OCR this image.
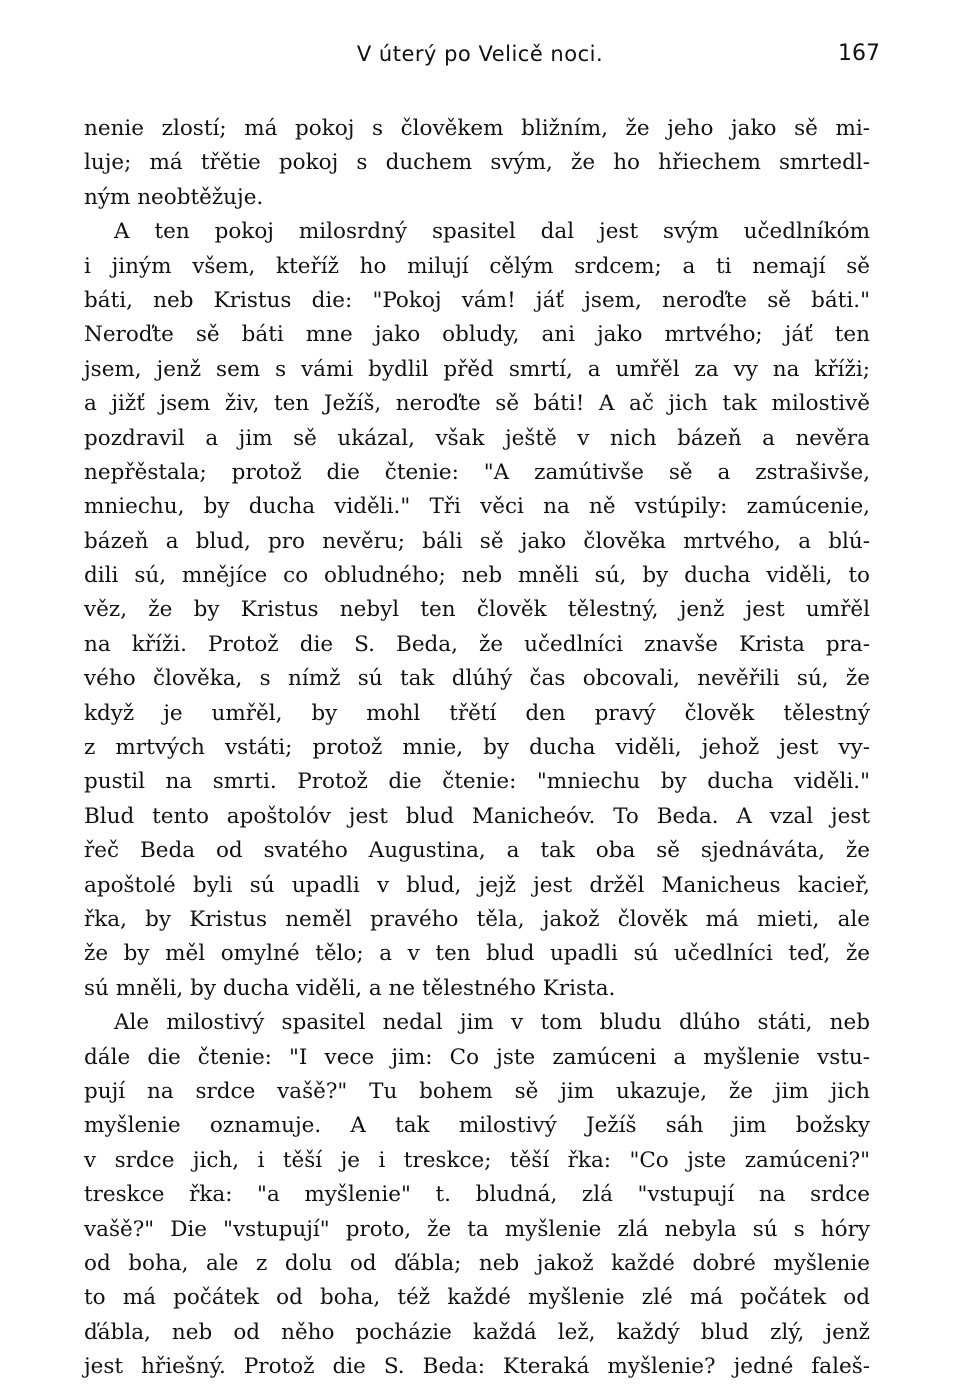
V úterý po Velicě noci.	167
nenie zlostí; má pokoj s člověkem bližním, že jeho jako sě mi-
luje; má třětie pokoj s duchem svým, že ho hřiechem smrtedl-
ným neobtěžuje.
A ten pokoj milosrdný spasitel dal jest svým učedlníkóm
i jiným všem, kteříž ho milují cělým srdcem; a ti nemají sě
báti, neb Kristus die: "Pokoj vám! jáť jsem, neroďte sě báti."
Neroďte sě báti mne jako obludy, ani jako mrtvého; jáť ten
jsem, jenž sem s vámi bydlil přěd smrtí, a umřěl za vy na kříži;
a jižť jsem živ, ten Ježíš, neroďte sě báti! A ač jich tak milostivě
pozdravil a jim sě ukázal, však ještě v nich bázeň a nevěra
nepřěstala; protož die čtenie: "A zamútivše sě a zstrašivše,
mniechu, by ducha viděli." Tři věci na ně vstúpily: zamúcenie,
bázeň a blud, pro nevěru; báli sě jako člověka mrtvého, a blú-
dili sú, mnějíce co obludného; neb mněli sú, by ducha viděli, to
věz, že by Kristus nebyl ten člověk tělestný, jenž jest umřěl
na kříži. Protož die S. Beda, že učedlníci znavše Krista pra-
vého člověka, s nímž sú tak dlúhý čas obcovali, nevěřili sú, že
když je umřěl, by mohl třětí den pravý člověk tělestný
z mrtvých vstáti; protož mnie, by ducha viděli, jehož jest vy-
pustil na smrti. Protož die čtenie: "mniechu by ducha viděli."
Blud tento apoštolóv jest blud Manicheóv. To Beda. A vzal jest
řeč Beda od svatého Augustina, a tak oba sě sjednáváta, že
apoštolé byli sú upadli v blud, jejž jest držěl Manicheus kacieř,
řka, by Kristus neměl pravého těla, jakož člověk má mieti, ale
že by měl omylné tělo; a v ten blud upadli sú učedlníci teď, že
sú mněli, by ducha viděli, a ne tělestného Krista.
Ale milostivý spasitel nedal jim v tom bludu dlúho státi, neb
dále die čtenie: "I vece jim: Co jste zamúceni a myšlenie vstu-
pují na srdce vašě?" Tu bohem sě jim ukazuje, že jim jich
myšlenie oznamuje. A tak milostivý Ježíš sáh jim božsky
v srdce jich, i těší je i treskce; těší řka: "Co jste zamúceni?"
treskce řka: "a myšlenie" t. bludná, zlá "vstupují na srdce
vašě?" Die "vstupují" proto, že ta myšlenie zlá nebyla sú s hóry
od boha, ale z dolu od ďábla; neb jakož každé dobré myšlenie
to má počátek od boha, též každé myšlenie zlé má počátek od
ďábla, neb od něho pocházie každá lež, každý blud zlý, jenž
jest hřiešný. Protož die S. Beda: Kteraká myšlenie? jedné faleš-
